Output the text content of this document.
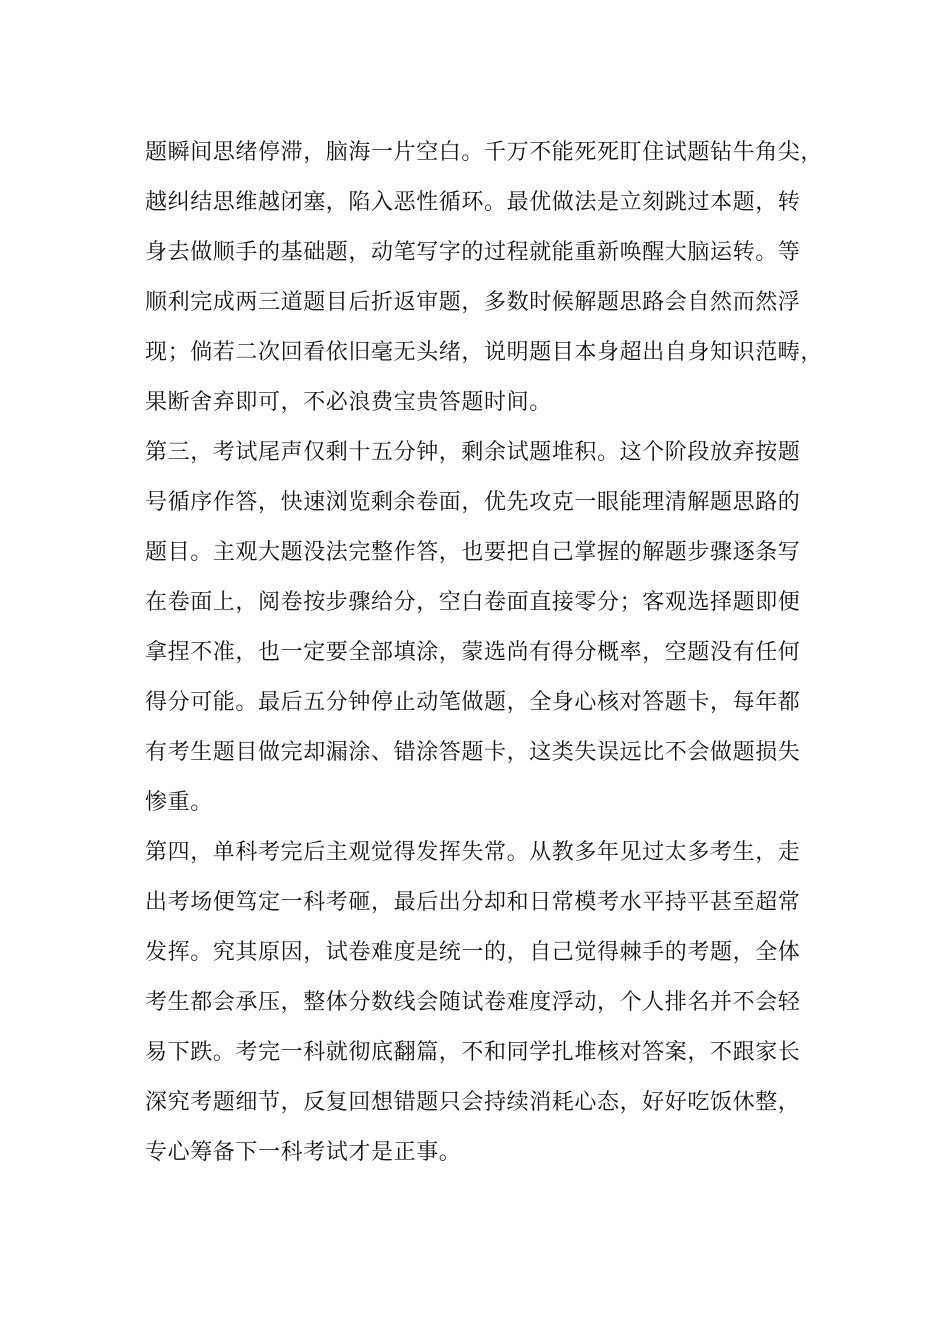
题瞬间思绪停滞，脑海一片空白。千万不能死死盯住试题钻牛角尖，
越纠结思维越闭塞，陷入恶性循环。最优做法是立刻跳过本题，转
身去做顺手的基础题，动笔写字的过程就能重新唤醒大脑运转。等
顺利完成两三道题目后折返审题，多数时候解题思路会自然而然浮
现；倘若二次回看依旧毫无头绪，说明题目本身超出自身知识范畴，
果断舍弃即可，不必浪费宝贵答题时间。
第三，考试尾声仅剩十五分钟，剩余试题堆积。这个阶段放弃按题
号循序作答，快速浏览剩余卷面，优先攻克一眼能理清解题思路的
题目。主观大题没法完整作答，也要把自己掌握的解题步骤逐条写
在卷面上，阅卷按步骤给分，空白卷面直接零分；客观选择题即便
拿捏不准，也一定要全部填涂，蒙选尚有得分概率，空题没有任何
得分可能。最后五分钟停止动笔做题，全身心核对答题卡，每年都
有考生题目做完却漏涂、错涂答题卡，这类失误远比不会做题损失
惨重。
第四，单科考完后主观觉得发挥失常。从教多年见过太多考生，走
出考场便笃定一科考砸，最后出分却和日常模考水平持平甚至超常
发挥。究其原因，试卷难度是统一的，自己觉得棘手的考题，全体
考生都会承压，整体分数线会随试卷难度浮动，个人排名并不会轻
易下跌。考完一科就彻底翻篇，不和同学扎堆核对答案，不跟家长
深究考题细节，反复回想错题只会持续消耗心态，好好吃饭休整，
专心筹备下一科考试才是正事。
